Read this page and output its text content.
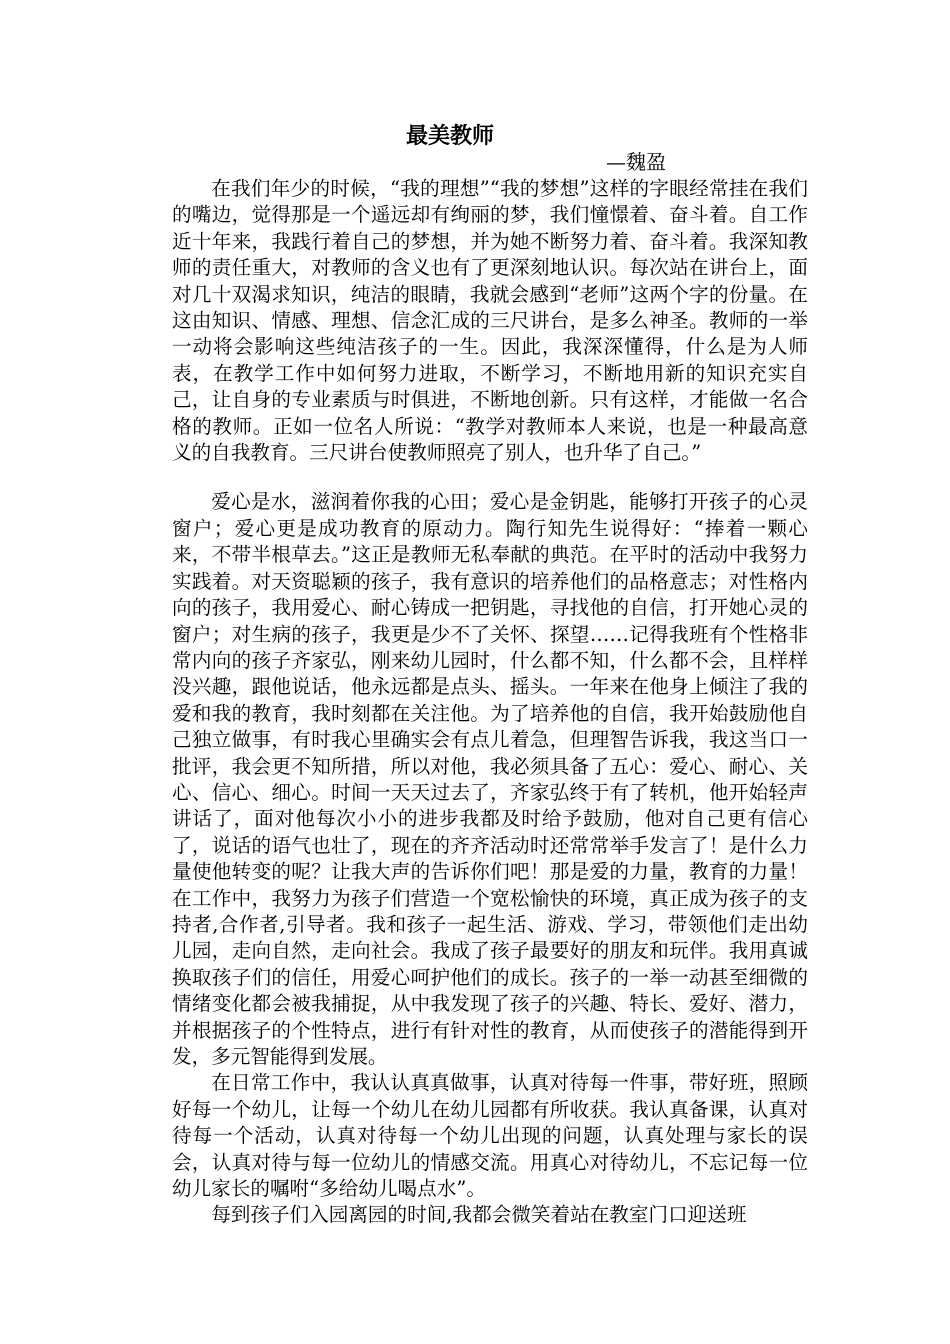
最美教师
—魏盈

在我们年少的时候，“我的理想”“我的梦想”这样的字眼经常挂在我们的嘴边，觉得那是一个遥远却有绚丽的梦，我们憧憬着、奋斗着。自工作近十年来，我践行着自己的梦想，并为她不断努力着、奋斗着。我深知教师的责任重大，对教师的含义也有了更深刻地认识。每次站在讲台上，面对几十双渴求知识，纯洁的眼睛，我就会感到“老师”这两个字的份量。在这由知识、情感、理想、信念汇成的三尺讲台，是多么神圣。教师的一举一动将会影响这些纯洁孩子的一生。因此，我深深懂得，什么是为人师表，在教学工作中如何努力进取，不断学习，不断地用新的知识充实自己，让自身的专业素质与时俱进，不断地创新。只有这样，才能做一名合格的教师。正如一位名人所说：“教学对教师本人来说，也是一种最高意义的自我教育。三尺讲台使教师照亮了别人，也升华了自己。”

爱心是水，滋润着你我的心田；爱心是金钥匙，能够打开孩子的心灵窗户；爱心更是成功教育的原动力。陶行知先生说得好：“捧着一颗心来，不带半根草去。”这正是教师无私奉献的典范。在平时的活动中我努力实践着。对天资聪颖的孩子，我有意识的培养他们的品格意志；对性格内向的孩子，我用爱心、耐心铸成一把钥匙，寻找他的自信，打开她心灵的窗户；对生病的孩子，我更是少不了关怀、探望……记得我班有个性格非常内向的孩子齐家弘，刚来幼儿园时，什么都不知，什么都不会，且样样没兴趣，跟他说话，他永远都是点头、摇头。一年来在他身上倾注了我的爱和我的教育，我时刻都在关注他。为了培养他的自信，我开始鼓励他自己独立做事，有时我心里确实会有点儿着急，但理智告诉我，我这当口一批评，我会更不知所措，所以对他，我必须具备了五心：爱心、耐心、关心、信心、细心。时间一天天过去了，齐家弘终于有了转机，他开始轻声讲话了，面对他每次小小的进步我都及时给予鼓励，他对自己更有信心了，说话的语气也壮了，现在的齐齐活动时还常常举手发言了！是什么力量使他转变的呢？让我大声的告诉你们吧！那是爱的力量，教育的力量！在工作中，我努力为孩子们营造一个宽松愉快的环境，真正成为孩子的支持者,合作者,引导者。我和孩子一起生活、游戏、学习，带领他们走出幼儿园，走向自然，走向社会。我成了孩子最要好的朋友和玩伴。我用真诚换取孩子们的信任，用爱心呵护他们的成长。孩子的一举一动甚至细微的情绪变化都会被我捕捉，从中我发现了孩子的兴趣、特长、爱好、潜力，并根据孩子的个性特点，进行有针对性的教育，从而使孩子的潜能得到开发，多元智能得到发展。

在日常工作中，我认认真真做事，认真对待每一件事，带好班，照顾好每一个幼儿，让每一个幼儿在幼儿园都有所收获。我认真备课，认真对待每一个活动，认真对待每一个幼儿出现的问题，认真处理与家长的误会，认真对待与每一位幼儿的情感交流。用真心对待幼儿，不忘记每一位幼儿家长的嘱咐“多给幼儿喝点水”。

每到孩子们入园离园的时间,我都会微笑着站在教室门口迎送班
